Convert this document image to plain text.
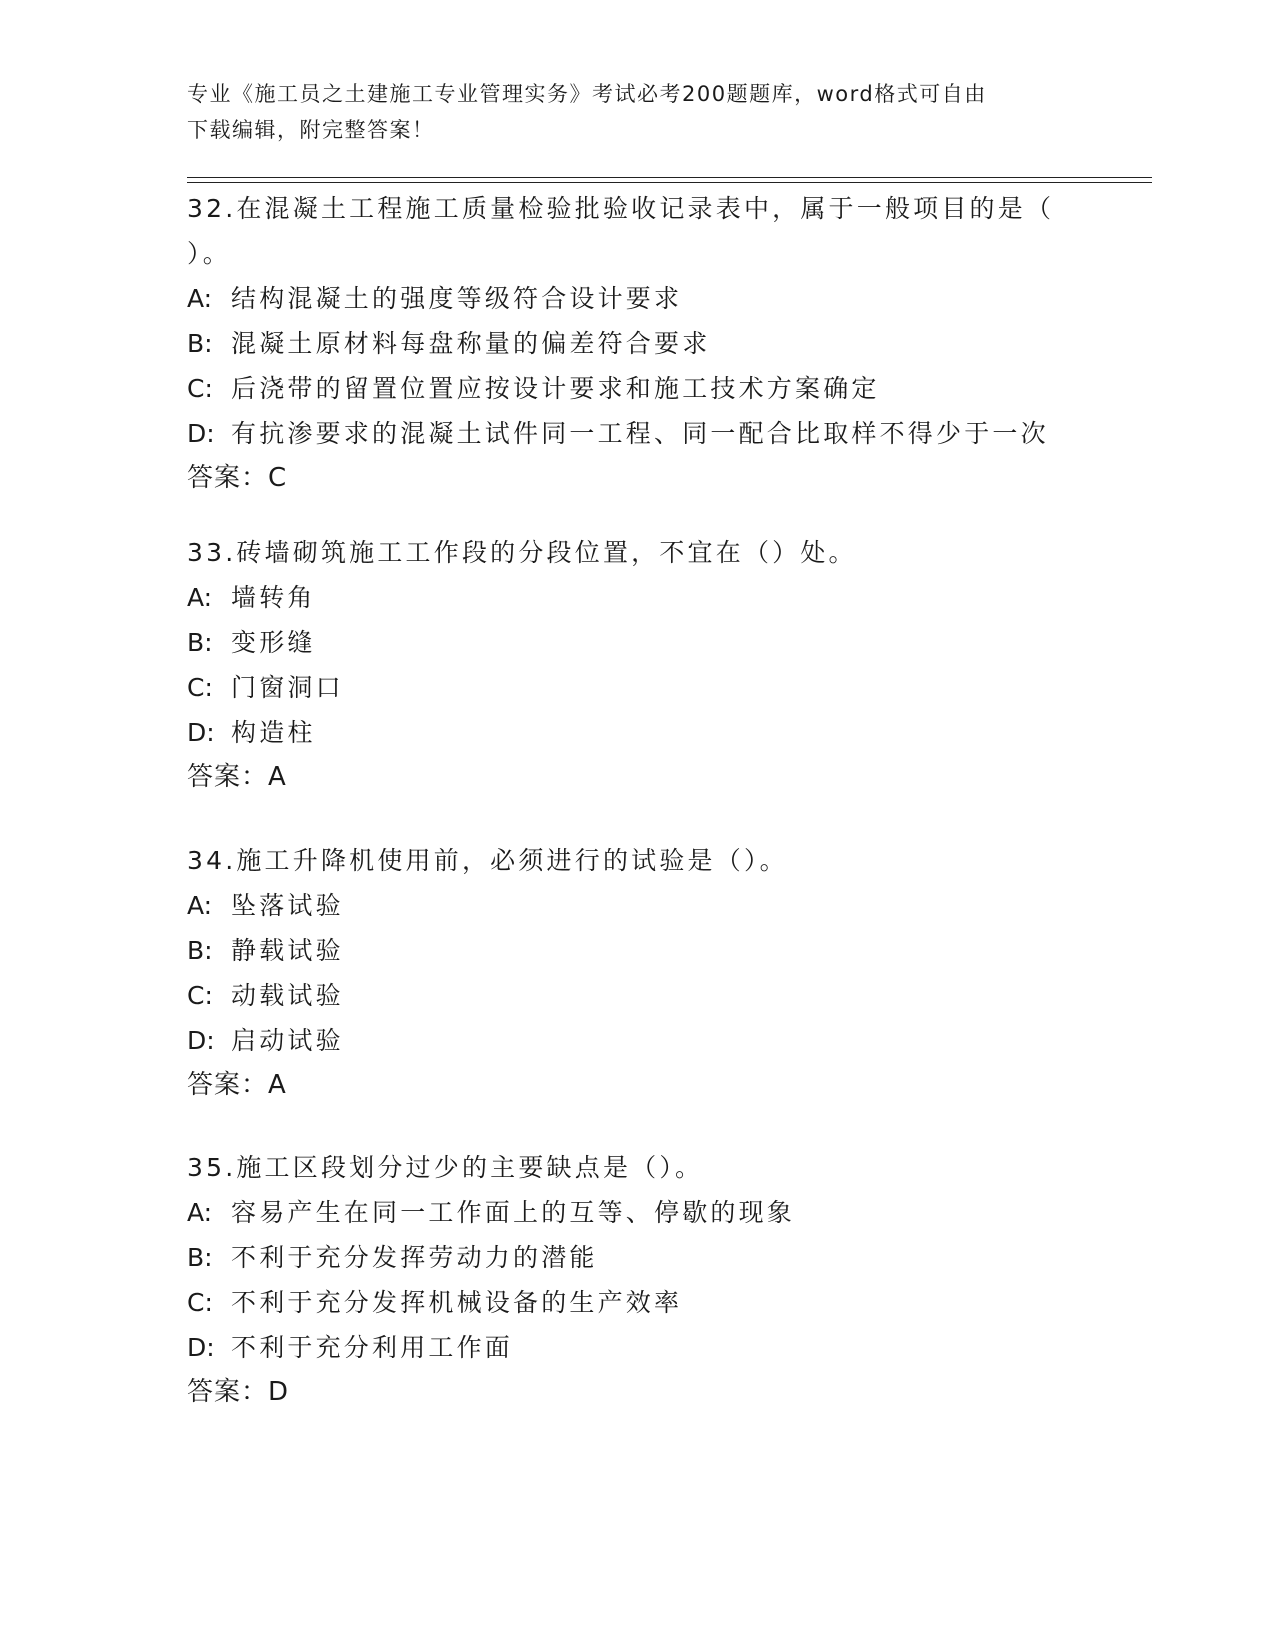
专业《施工员之土建施工专业管理实务》考试必考200题题库，word格式可自由
下载编辑，附完整答案！
32.在混凝土工程施工质量检验批验收记录表中，属于一般项目的是（
）。
A: 结构混凝土的强度等级符合设计要求
B: 混凝土原材料每盘称量的偏差符合要求
C: 后浇带的留置位置应按设计要求和施工技术方案确定
D: 有抗渗要求的混凝土试件同一工程、同一配合比取样不得少于一次
答案：C
33.砖墙砌筑施工工作段的分段位置，不宜在（）处。
A: 墙转角
B: 变形缝
C: 门窗洞口
D: 构造柱
答案：A
34.施工升降机使用前，必须进行的试验是（）。
A: 坠落试验
B: 静载试验
C: 动载试验
D: 启动试验
答案：A
35.施工区段划分过少的主要缺点是（）。
A: 容易产生在同一工作面上的互等、停歇的现象
B: 不利于充分发挥劳动力的潜能
C: 不利于充分发挥机械设备的生产效率
D: 不利于充分利用工作面
答案：D
